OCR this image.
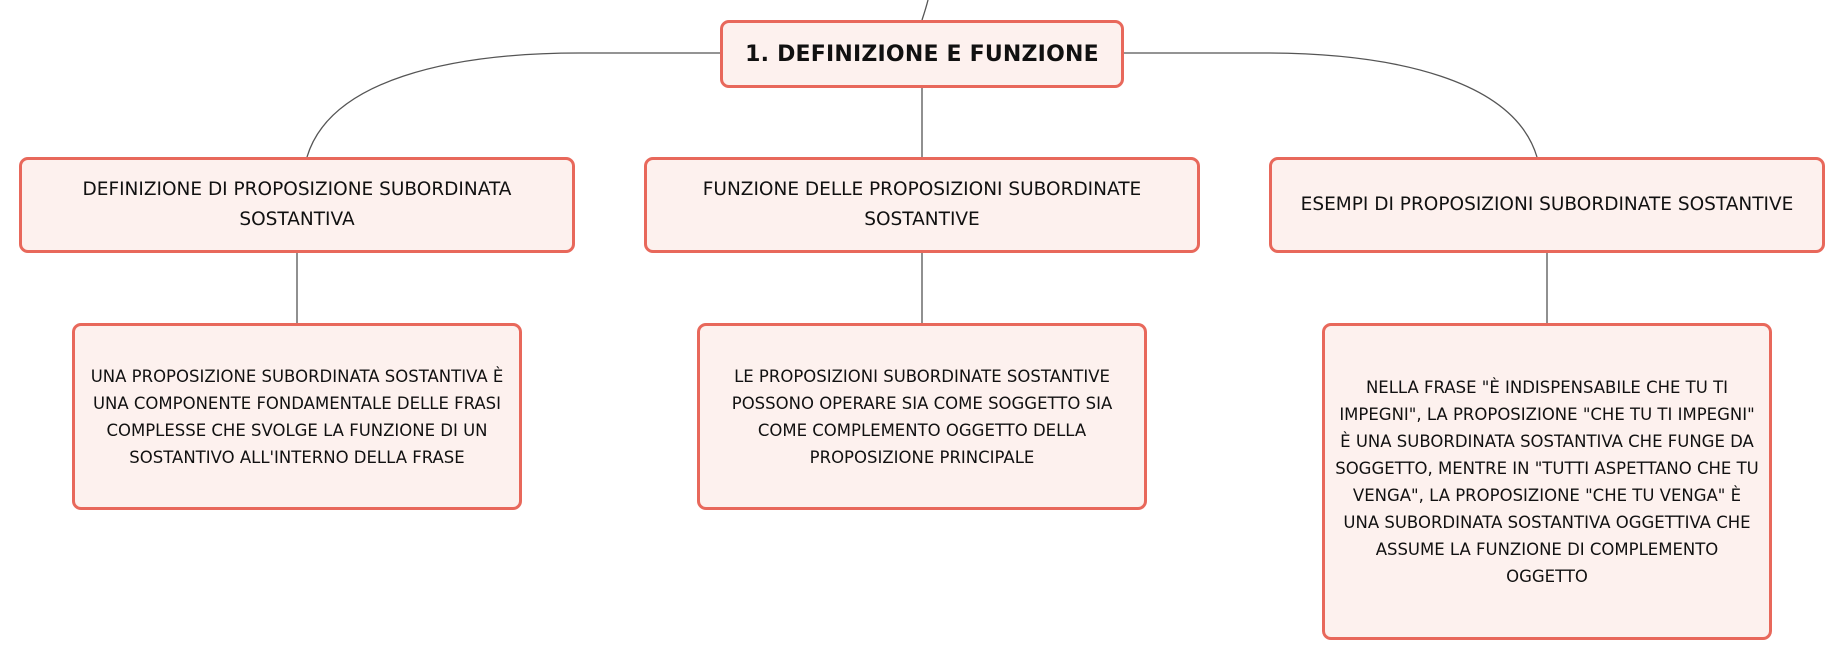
1. DEFINIZIONE E FUNZIONE
DEFINIZIONE DI PROPOSIZIONE SUBORDINATA SOSTANTIVA
FUNZIONE DELLE PROPOSIZIONI SUBORDINATE SOSTANTIVE
ESEMPI DI PROPOSIZIONI SUBORDINATE SOSTANTIVE
UNA PROPOSIZIONE SUBORDINATA SOSTANTIVA È UNA COMPONENTE FONDAMENTALE DELLE FRASI COMPLESSE CHE SVOLGE LA FUNZIONE DI UN SOSTANTIVO ALL'INTERNO DELLA FRASE
LE PROPOSIZIONI SUBORDINATE SOSTANTIVE POSSONO OPERARE SIA COME SOGGETTO SIA COME COMPLEMENTO OGGETTO DELLA PROPOSIZIONE PRINCIPALE
NELLA FRASE "È INDISPENSABILE CHE TU TI IMPEGNI", LA PROPOSIZIONE "CHE TU TI IMPEGNI" È UNA SUBORDINATA SOSTANTIVA CHE FUNGE DA SOGGETTO, MENTRE IN "TUTTI ASPETTANO CHE TU VENGA", LA PROPOSIZIONE "CHE TU VENGA" È UNA SUBORDINATA SOSTANTIVA OGGETTIVA CHE ASSUME LA FUNZIONE DI COMPLEMENTO OGGETTO
